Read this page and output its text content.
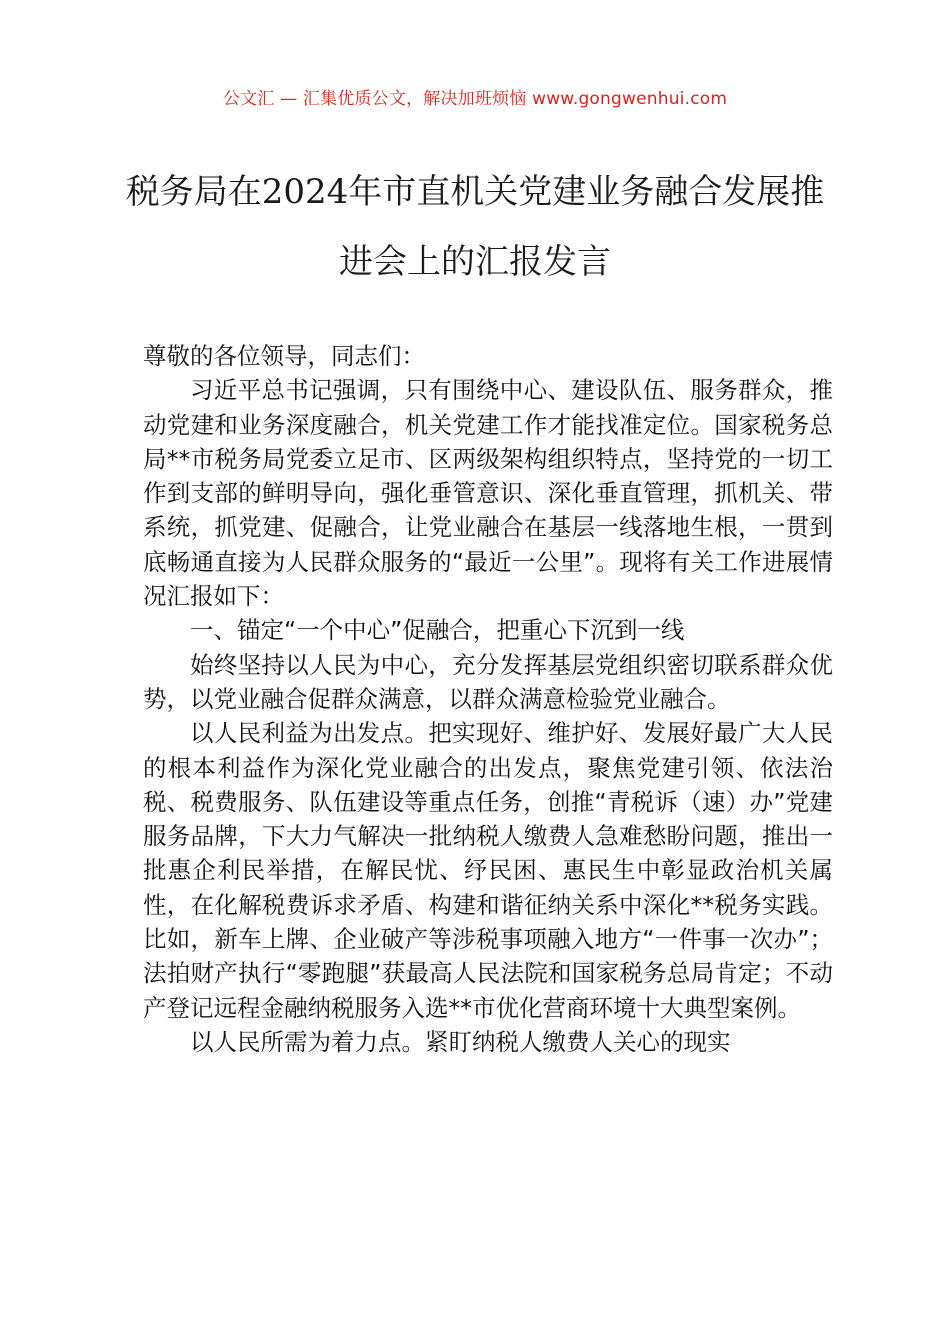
公文汇 — 汇集优质公文，解决加班烦恼 www.gongwenhui.com
税务局在2024年市直机关党建业务融合发展推进会上的汇报发言

尊敬的各位领导，同志们：

习近平总书记强调，只有围绕中心、建设队伍、服务群众，推动党建和业务深度融合，机关党建工作才能找准定位。国家税务总局**市税务局党委立足市、区两级架构组织特点，坚持党的一切工作到支部的鲜明导向，强化垂管意识、深化垂直管理，抓机关、带系统，抓党建、促融合，让党业融合在基层一线落地生根，一贯到底畅通直接为人民群众服务的“最近一公里”。现将有关工作进展情况汇报如下：

一、锚定“一个中心”促融合，把重心下沉到一线

始终坚持以人民为中心，充分发挥基层党组织密切联系群众优势，以党业融合促群众满意，以群众满意检验党业融合。

以人民利益为出发点。把实现好、维护好、发展好最广大人民的根本利益作为深化党业融合的出发点，聚焦党建引领、依法治税、税费服务、队伍建设等重点任务，创推“青税诉（速）办”党建服务品牌，下大力气解决一批纳税人缴费人急难愁盼问题，推出一批惠企利民举措，在解民忧、纾民困、惠民生中彰显政治机关属性，在化解税费诉求矛盾、构建和谐征纳关系中深化**税务实践。比如，新车上牌、企业破产等涉税事项融入地方“一件事一次办”；法拍财产执行“零跑腿”获最高人民法院和国家税务总局肯定；不动产登记远程金融纳税服务入选**市优化营商环境十大典型案例。

以人民所需为着力点。紧盯纳税人缴费人关心的现实
